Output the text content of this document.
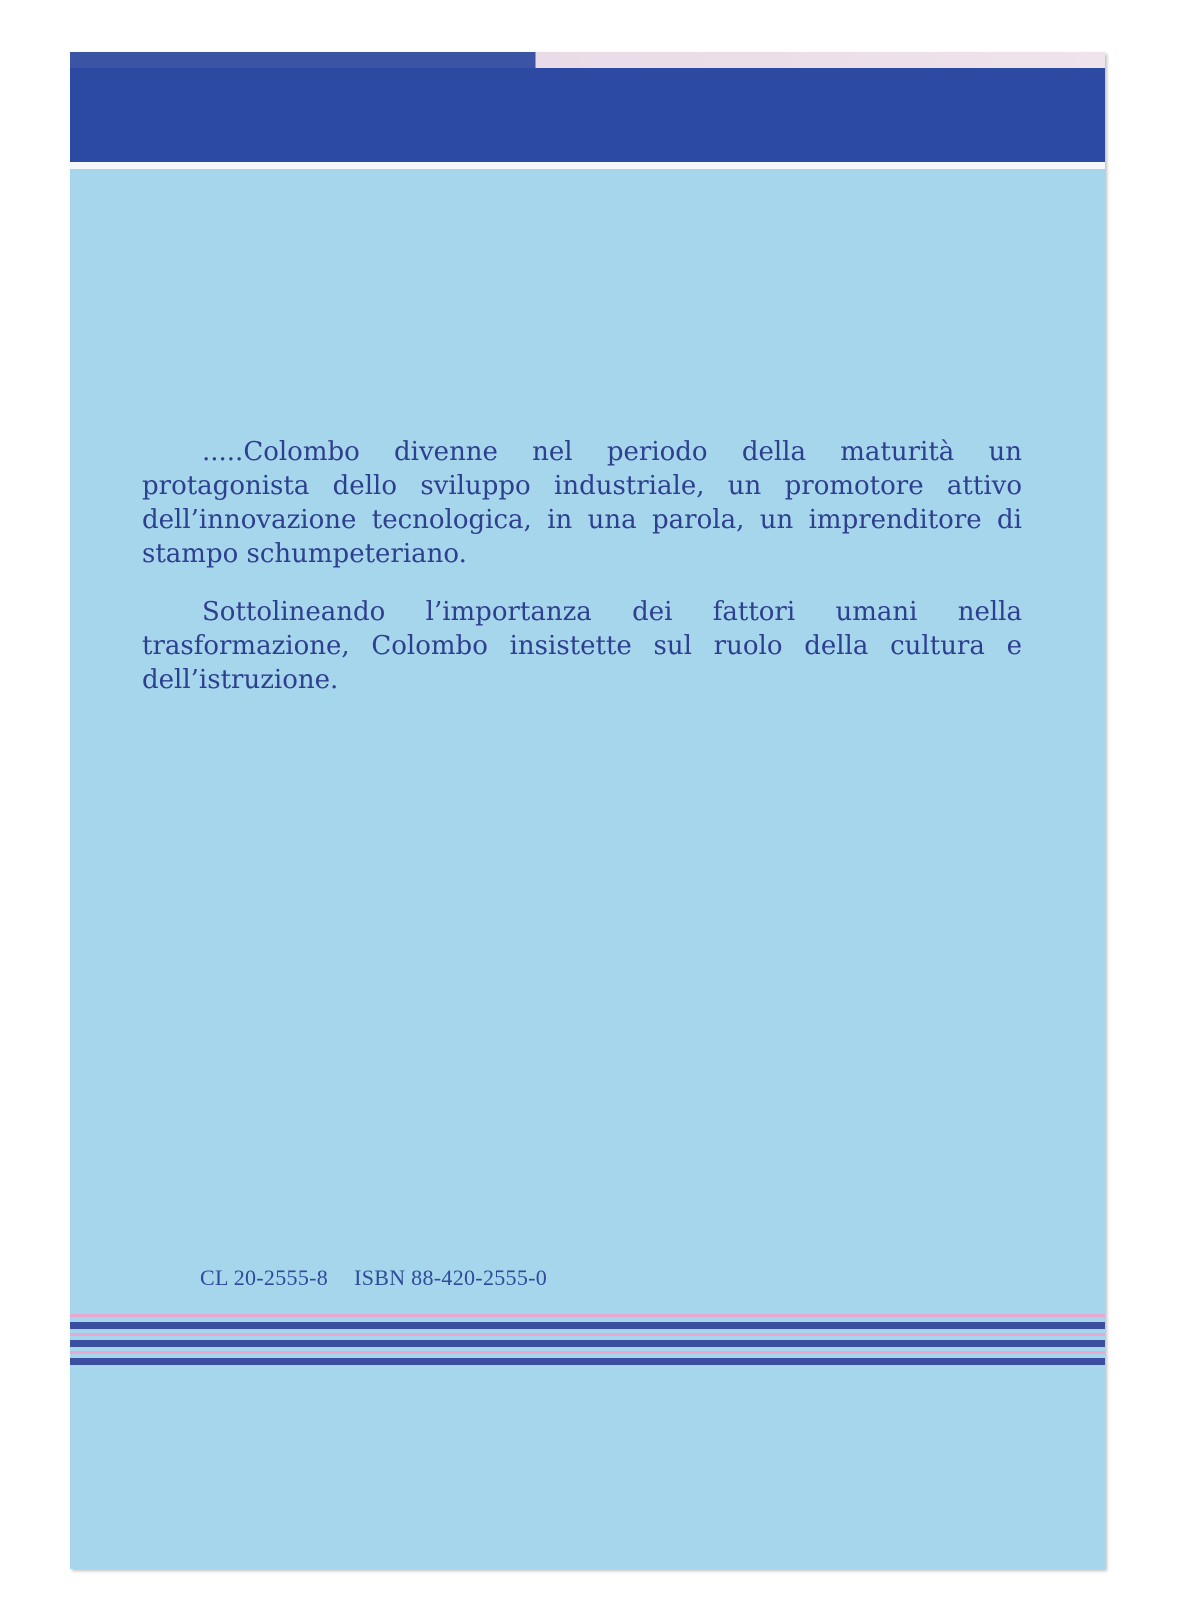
.....Colombo divenne nel periodo della maturità un protagonista dello sviluppo industriale, un promotore attivo dell’innovazione tecnologica, in una parola, un imprenditore di stampo schumpeteriano.

Sottolineando l’importanza dei fattori umani nella trasformazione, Colombo insistette sul ruolo della cultura e dell’istruzione.

CL 20-2555-8 ISBN 88-420-2555-0
